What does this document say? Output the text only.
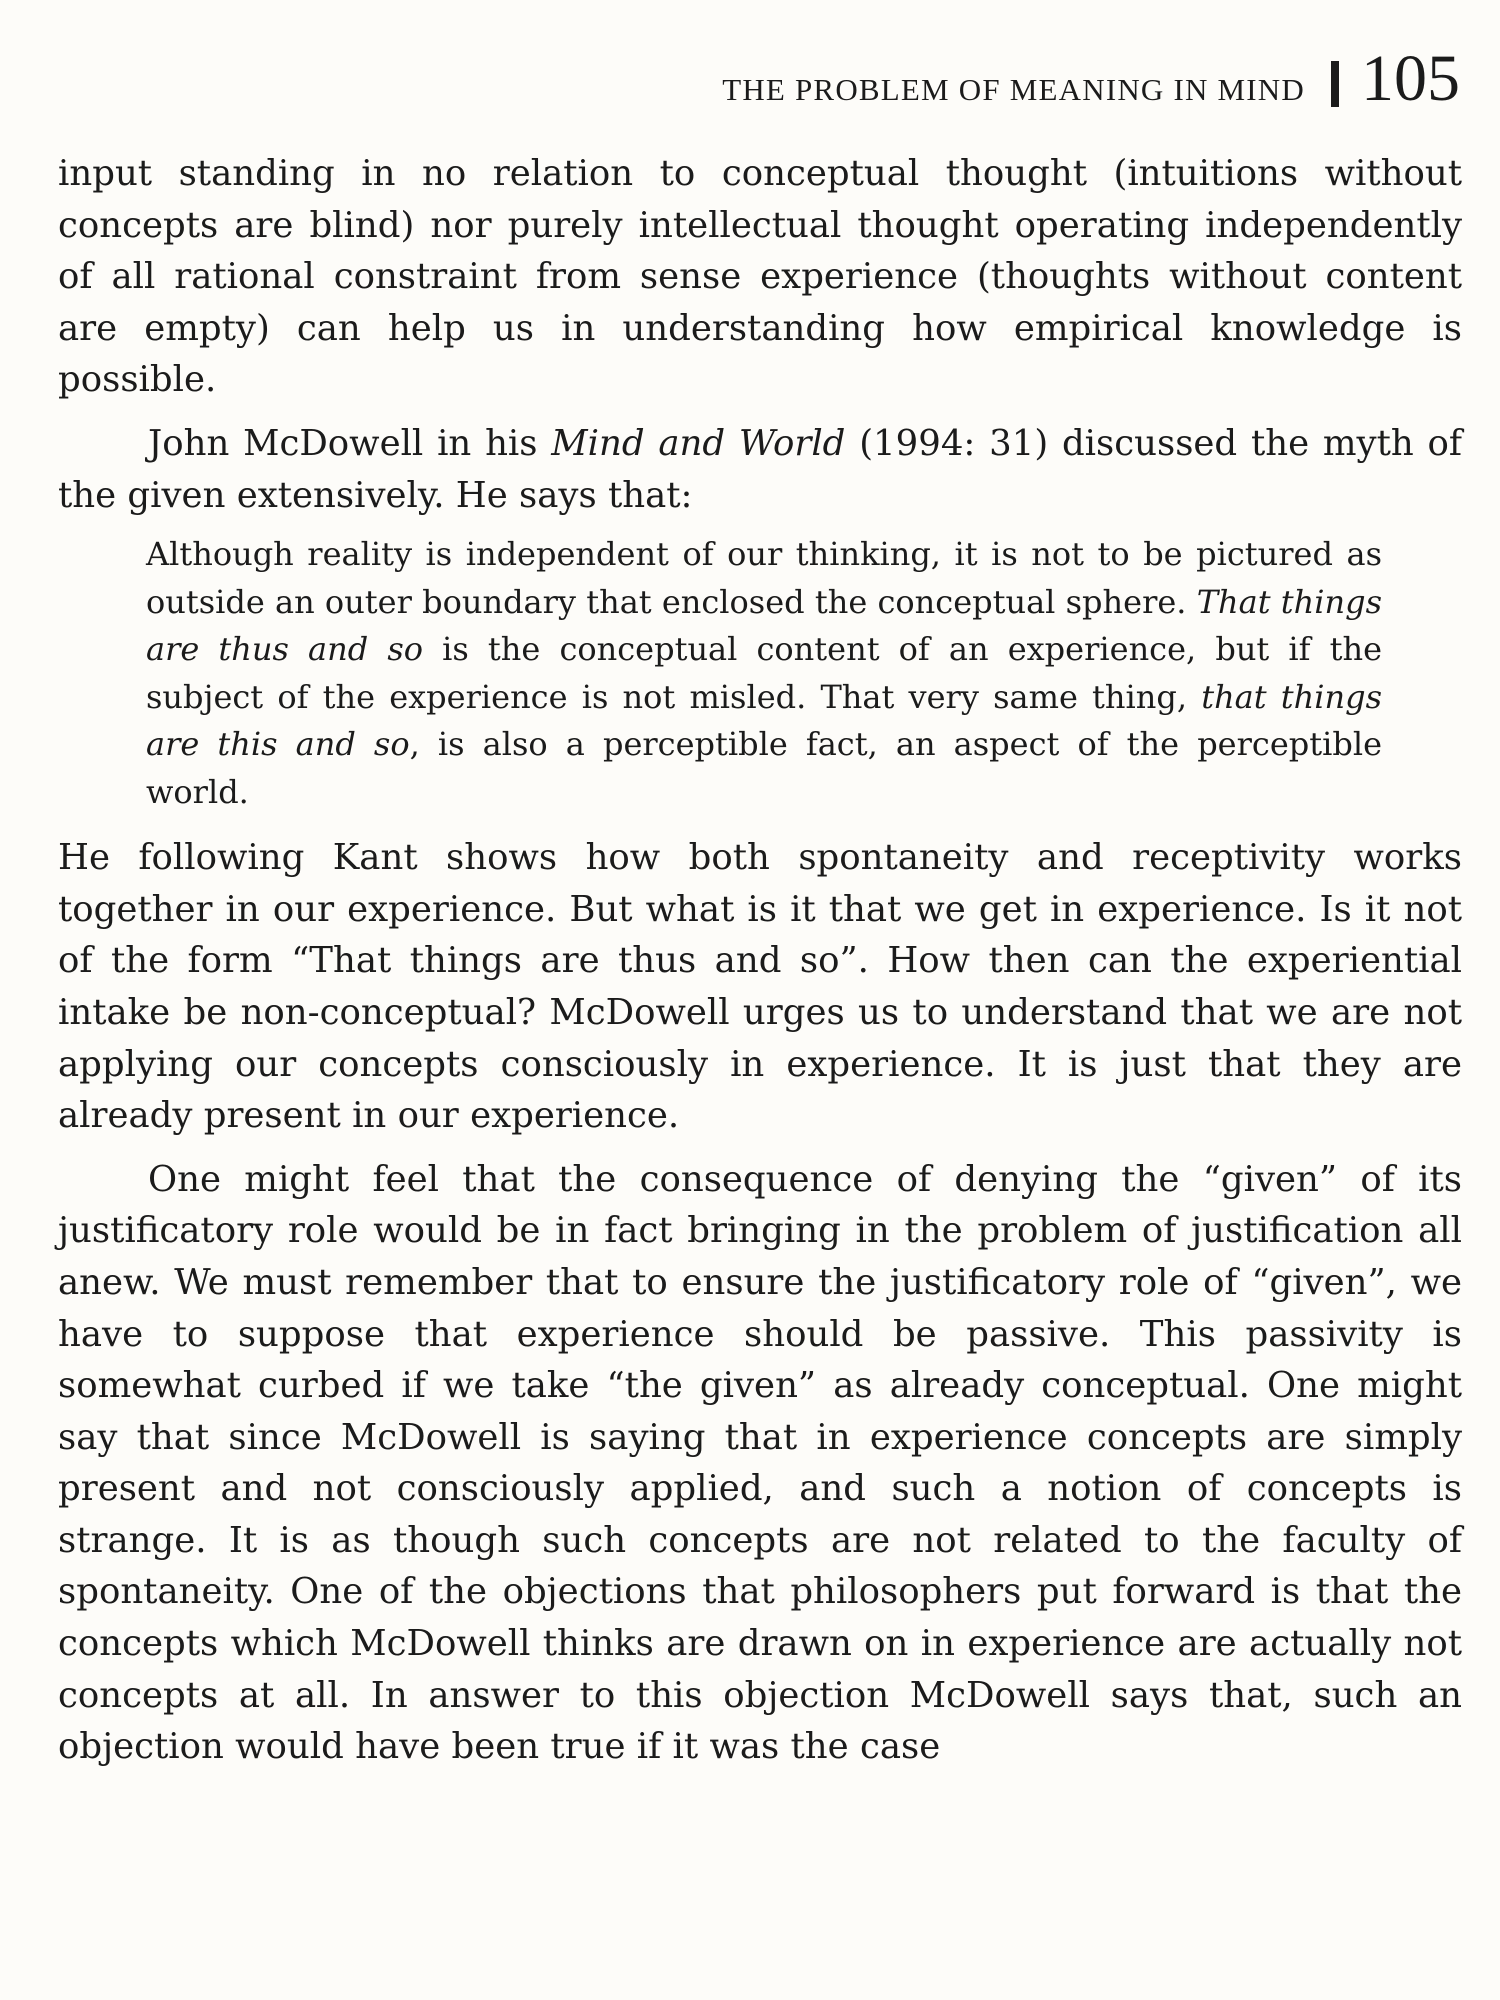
THE PROBLEM OF MEANING IN MIND 105

input standing in no relation to conceptual thought (intuitions without concepts are blind) nor purely intellectual thought operating independently of all rational constraint from sense experience (thoughts without content are empty) can help us in understanding how empirical knowledge is possible.

John McDowell in his Mind and World (1994: 31) discussed the myth of the given extensively. He says that:

Although reality is independent of our thinking, it is not to be pictured as outside an outer boundary that enclosed the conceptual sphere. That things are thus and so is the conceptual content of an experience, but if the subject of the experience is not misled. That very same thing, that things are this and so, is also a perceptible fact, an aspect of the perceptible world.

He following Kant shows how both spontaneity and receptivity works together in our experience. But what is it that we get in experience. Is it not of the form “That things are thus and so”. How then can the experiential intake be non-conceptual? McDowell urges us to understand that we are not applying our concepts consciously in experience. It is just that they are already present in our experience.

One might feel that the consequence of denying the “given” of its justificatory role would be in fact bringing in the problem of justification all anew. We must remember that to ensure the justificatory role of “given”, we have to suppose that experience should be passive. This passivity is somewhat curbed if we take “the given” as already conceptual. One might say that since McDowell is saying that in experience concepts are simply present and not consciously applied, and such a notion of concepts is strange. It is as though such concepts are not related to the faculty of spontaneity. One of the objections that philosophers put forward is that the concepts which McDowell thinks are drawn on in experience are actually not concepts at all. In answer to this objection McDowell says that, such an objection would have been true if it was the case
